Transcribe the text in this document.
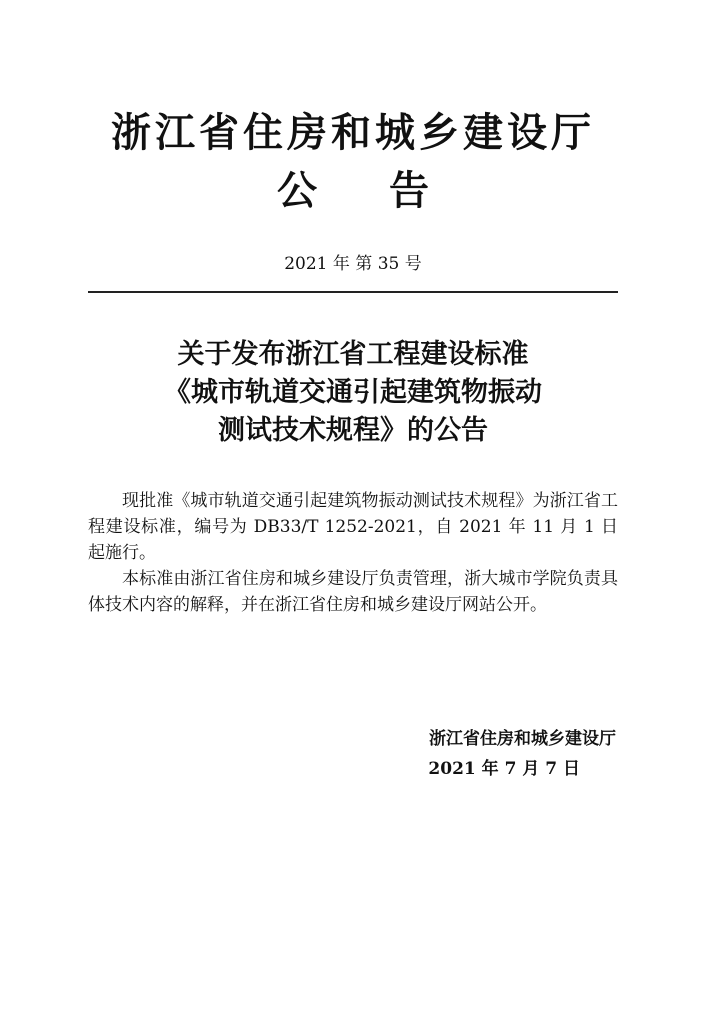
浙江省住房和城乡建设厅
公 告
2021 年 第 35 号
关于发布浙江省工程建设标准
《城市轨道交通引起建筑物振动
测试技术规程》的公告

现批准《城市轨道交通引起建筑物振动测试技术规程》为浙江省工程建设标准，编号为 DB33/T 1252-2021，自 2021 年 11 月 1 日起施行。

本标准由浙江省住房和城乡建设厅负责管理，浙大城市学院负责具体技术内容的解释，并在浙江省住房和城乡建设厅网站公开。

浙江省住房和城乡建设厅
2021 年 7 月 7 日
